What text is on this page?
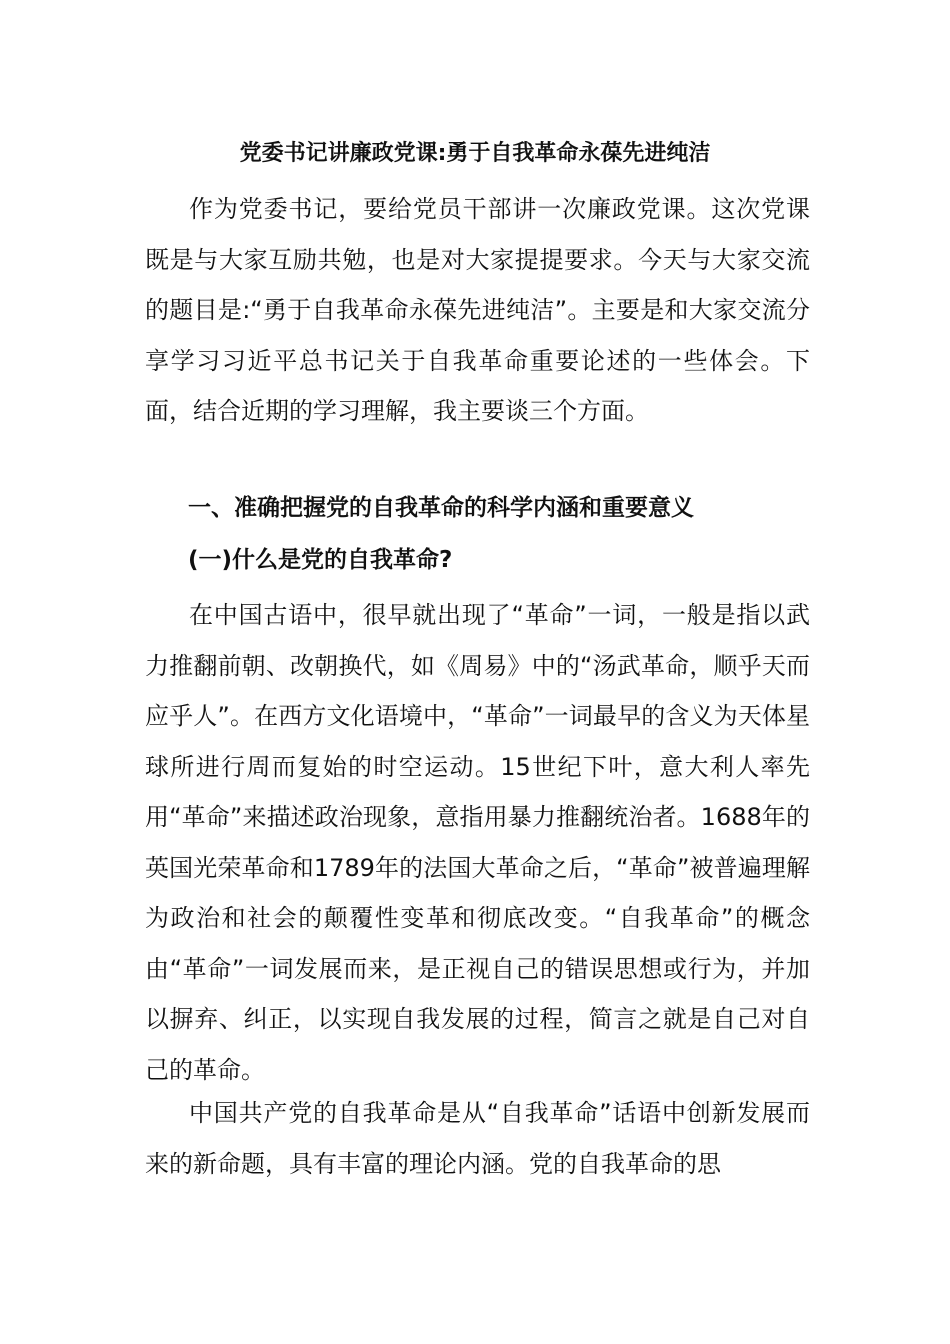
党委书记讲廉政党课:勇于自我革命永葆先进纯洁

作为党委书记，要给党员干部讲一次廉政党课。这次党课既是与大家互励共勉，也是对大家提提要求。今天与大家交流的题目是:“勇于自我革命永葆先进纯洁”。主要是和大家交流分享学习习近平总书记关于自我革命重要论述的一些体会。下面，结合近期的学习理解，我主要谈三个方面。

一、准确把握党的自我革命的科学内涵和重要意义
(一)什么是党的自我革命?

在中国古语中，很早就出现了“革命”一词，一般是指以武力推翻前朝、改朝换代，如《周易》中的“汤武革命，顺乎天而应乎人”。在西方文化语境中，“革命”一词最早的含义为天体星球所进行周而复始的时空运动。15世纪下叶，意大利人率先用“革命”来描述政治现象，意指用暴力推翻统治者。1688年的英国光荣革命和1789年的法国大革命之后，“革命”被普遍理解为政治和社会的颠覆性变革和彻底改变。“自我革命”的概念由“革命”一词发展而来，是正视自己的错误思想或行为，并加以摒弃、纠正，以实现自我发展的过程，简言之就是自己对自己的革命。

中国共产党的自我革命是从“自我革命”话语中创新发展而来的新命题，具有丰富的理论内涵。党的自我革命的思
